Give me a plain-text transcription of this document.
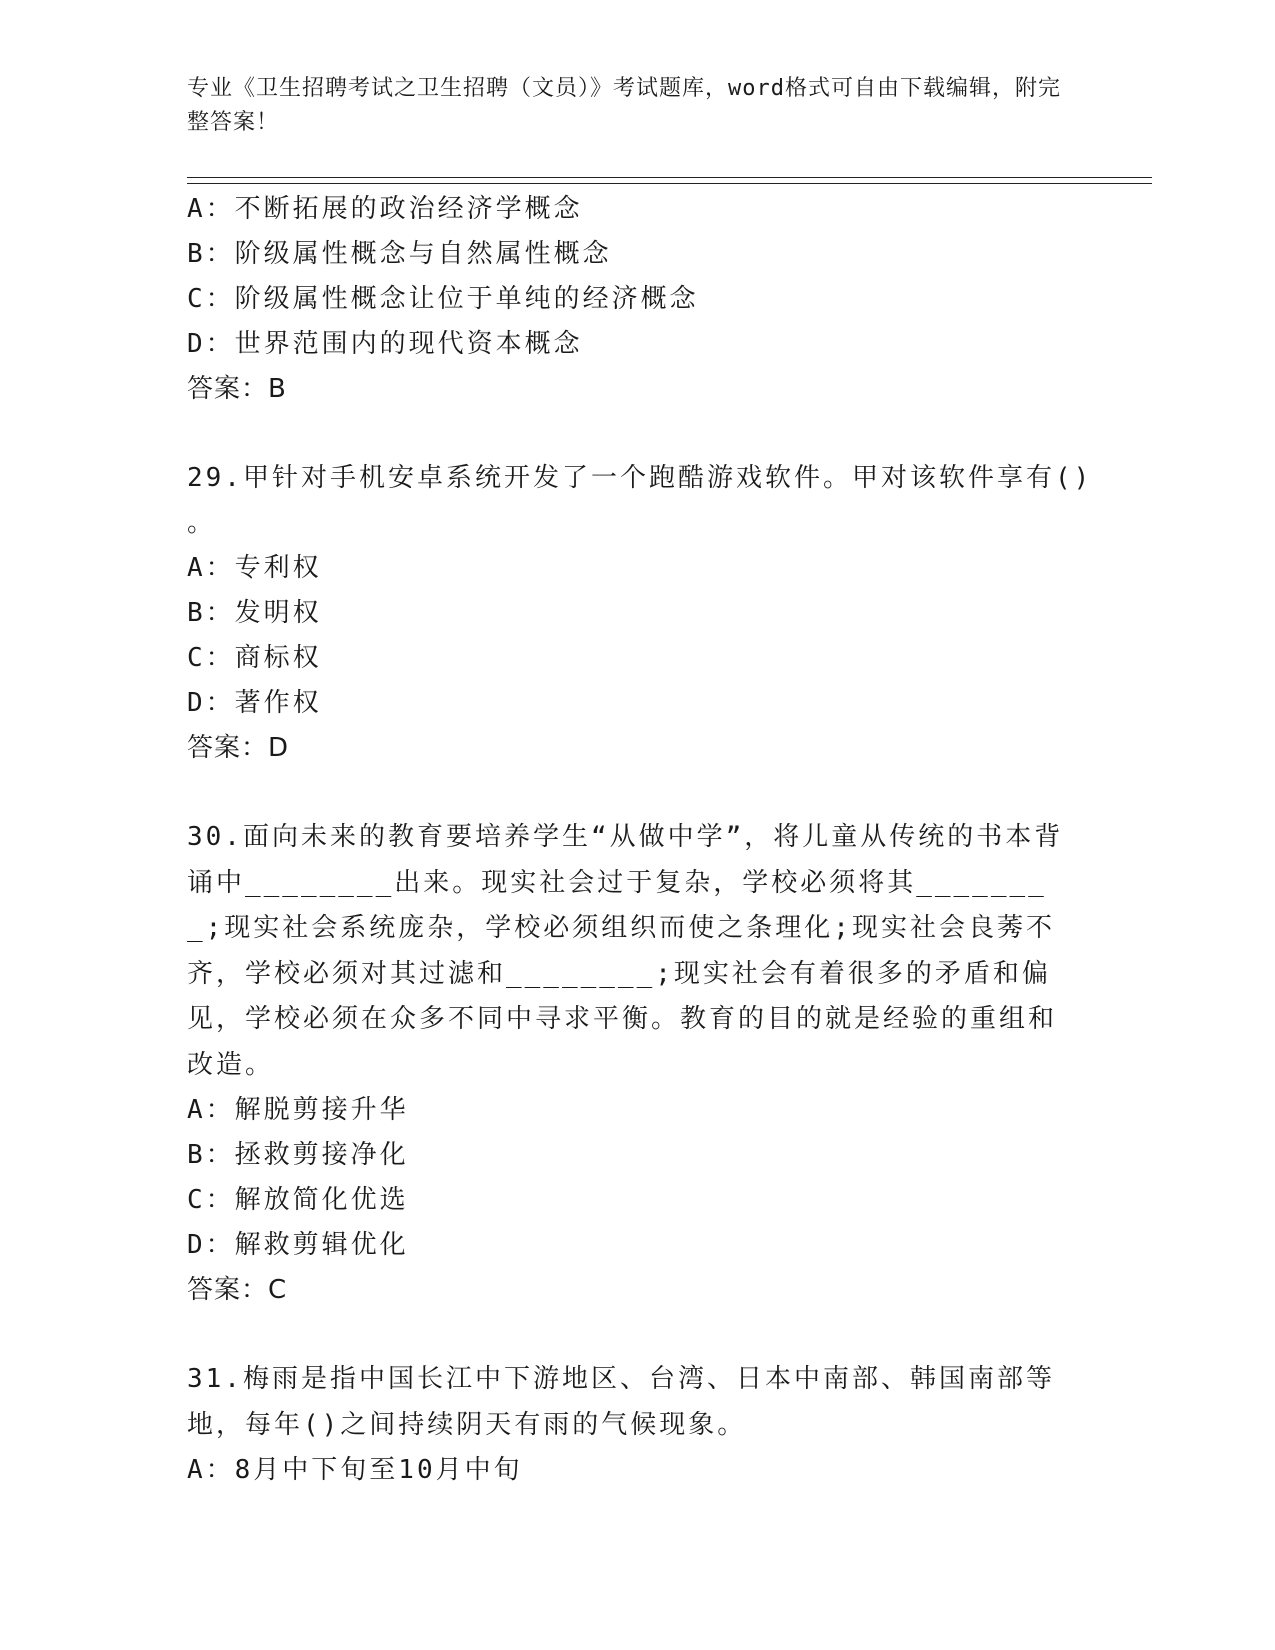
专业《卫生招聘考试之卫生招聘（文员）》考试题库，word格式可自由下载编辑，附完整答案！
A：不断拓展的政治经济学概念
B：阶级属性概念与自然属性概念
C：阶级属性概念让位于单纯的经济概念
D：世界范围内的现代资本概念
答案：B
29.甲针对手机安卓系统开发了一个跑酷游戏软件。甲对该软件享有()
。
A：专利权
B：发明权
C：商标权
D：著作权
答案：D
30.面向未来的教育要培养学生“从做中学”，将儿童从传统的书本背诵中________出来。现实社会过于复杂，学校必须将其________;现实社会系统庞杂，学校必须组织而使之条理化;现实社会良莠不齐，学校必须对其过滤和________;现实社会有着很多的矛盾和偏见，学校必须在众多不同中寻求平衡。教育的目的就是经验的重组和改造。
A：解脱剪接升华
B：拯救剪接净化
C：解放简化优选
D：解救剪辑优化
答案：C
31.梅雨是指中国长江中下游地区、台湾、日本中南部、韩国南部等地，每年()之间持续阴天有雨的气候现象。
A：8月中下旬至10月中旬
